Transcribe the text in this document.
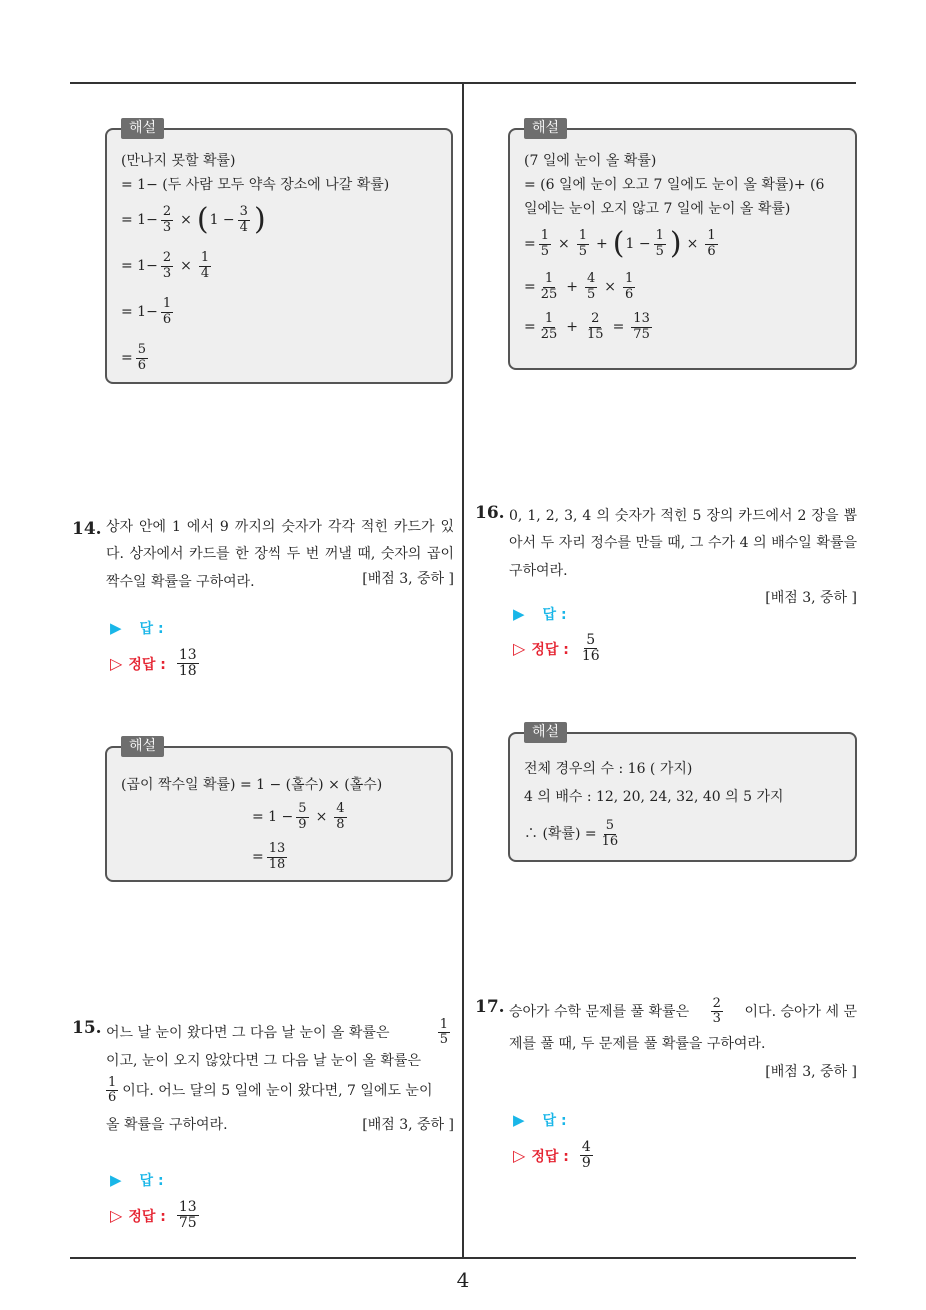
4
해설
(만나지 못할 확률)
= 1− (두 사람 모두 약속 장소에 나갈 확률)
= $1- \frac{2}{3}$ × ( $1 - \frac{3}{4}$ )
= $1- \frac{2}{3} \times \frac{1}{4}$
= $1- \frac{1}{6}$
= $\frac{5}{6}$
해설
(7 일에 눈이 올 확률)
= (6 일에 눈이 오고 7 일에도 눈이 올 확률)+ (6
일에는 눈이 오지 않고 7 일에 눈이 올 확률)
= $\frac{1}{5} \times \frac{1}{5}$ + ( $1 - \frac{1}{5}$ ) × $\frac{1}{6}$
= $\frac{1}{25} + \frac{4}{5} \times \frac{1}{6}$
= $\frac{1}{25} + \frac{2}{15} = \frac{13}{75}$
14. 상자 안에 1 에서 9 까지의 숫자가 각각 적힌 카드가 있다. 상자에서 카드를 한 장씩 두 번 꺼낼 때, 숫자의 곱이 짝수일 확률을 구하여라.	[배점 3, 중하 ]
▶ 답 :
▷ 정답 : $\frac{13}{18}$
해설
(곱이 짝수일 확률) = 1 − (홀수) × (홀수)
= $1 - \frac{5}{9} \times \frac{4}{8}$
= $\frac{13}{18}$
15. 어느 날 눈이 왔다면 그 다음 날 눈이 올 확률은	$\frac{1}{5}$
이고, 눈이 오지 않았다면 그 다음 날 눈이 올 확률은
$\frac{1}{6}$ 이다. 어느 달의 5 일에 눈이 왔다면, 7 일에도 눈이
올 확률을 구하여라.	[배점 3, 중하 ]
▶ 답 :
▷ 정답 : $\frac{13}{75}$
16. 0, 1, 2, 3, 4 의 숫자가 적힌 5 장의 카드에서 2 장을 뽑아서 두 자리 정수를 만들 때, 그 수가 4 의 배수일 확률을 구하여라.
[배점 3, 중하 ]
▶ 답 :
▷ 정답 : $\frac{5}{16}$
해설
전체 경우의 수 : 16 ( 가지)
4 의 배수 : 12, 20, 24, 32, 40 의 5 가지
∴ (확률) = $\frac{5}{16}$
17. 승아가 수학 문제를 풀 확률은 $\frac{2}{3}$ 이다. 승아가 세 문
제를 풀 때, 두 문제를 풀 확률을 구하여라.
[배점 3, 중하 ]
▶ 답 :
▷ 정답 : $\frac{4}{9}$
